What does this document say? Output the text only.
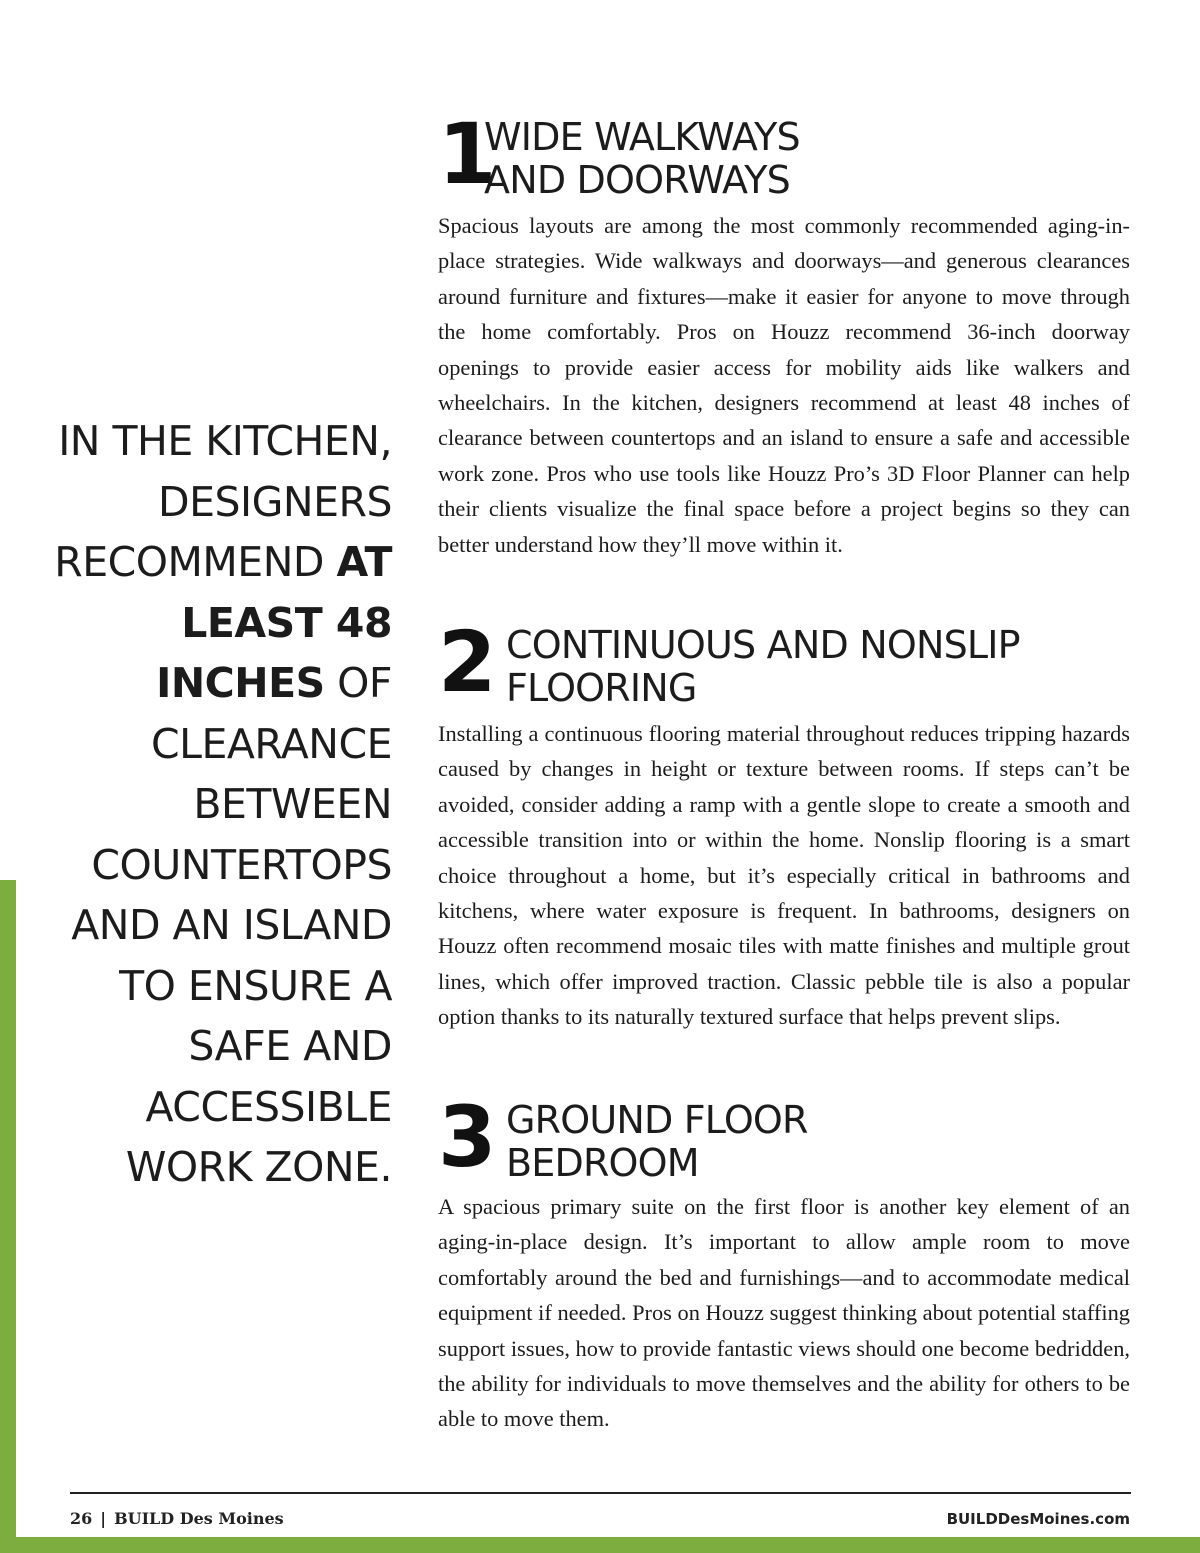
IN THE KITCHEN, DESIGNERS RECOMMEND AT LEAST 48 INCHES OF CLEARANCE BETWEEN COUNTERTOPS AND AN ISLAND TO ENSURE A SAFE AND ACCESSIBLE WORK ZONE.
1
WIDE WALKWAYS
AND DOORWAYS

Spacious layouts are among the most commonly recommended aging-in-place strategies. Wide walkways and doorways—and generous clearances around furniture and fixtures—make it easier for anyone to move through the home comfortably. Pros on Houzz recommend 36-inch doorway openings to provide easier access for mobility aids like walkers and wheelchairs. In the kitchen, designers recommend at least 48 inches of clearance between countertops and an island to ensure a safe and accessible work zone. Pros who use tools like Houzz Pro’s 3D Floor Planner can help their clients visualize the final space before a project begins so they can better understand how they’ll move within it.

2 CONTINUOUS AND NONSLIP
FLOORING

Installing a continuous flooring material throughout reduces tripping hazards caused by changes in height or texture between rooms. If steps can’t be avoided, consider adding a ramp with a gentle slope to create a smooth and accessible transition into or within the home. Nonslip flooring is a smart choice throughout a home, but it’s especially critical in bathrooms and kitchens, where water exposure is frequent. In bathrooms, designers on Houzz often recommend mosaic tiles with matte finishes and multiple grout lines, which offer improved traction. Classic pebble tile is also a popular option thanks to its naturally textured surface that helps prevent slips.

3 GROUND FLOOR
BEDROOM

A spacious primary suite on the first floor is another key element of an aging-in-place design. It’s important to allow ample room to move comfortably around the bed and furnishings—and to accommodate medical equipment if needed. Pros on Houzz suggest thinking about potential staffing support issues, how to provide fantastic views should one become bedridden, the ability for individuals to move themselves and the ability for others to be able to move them.

26 | BUILD Des Moines	BUILDDesMoines.com
